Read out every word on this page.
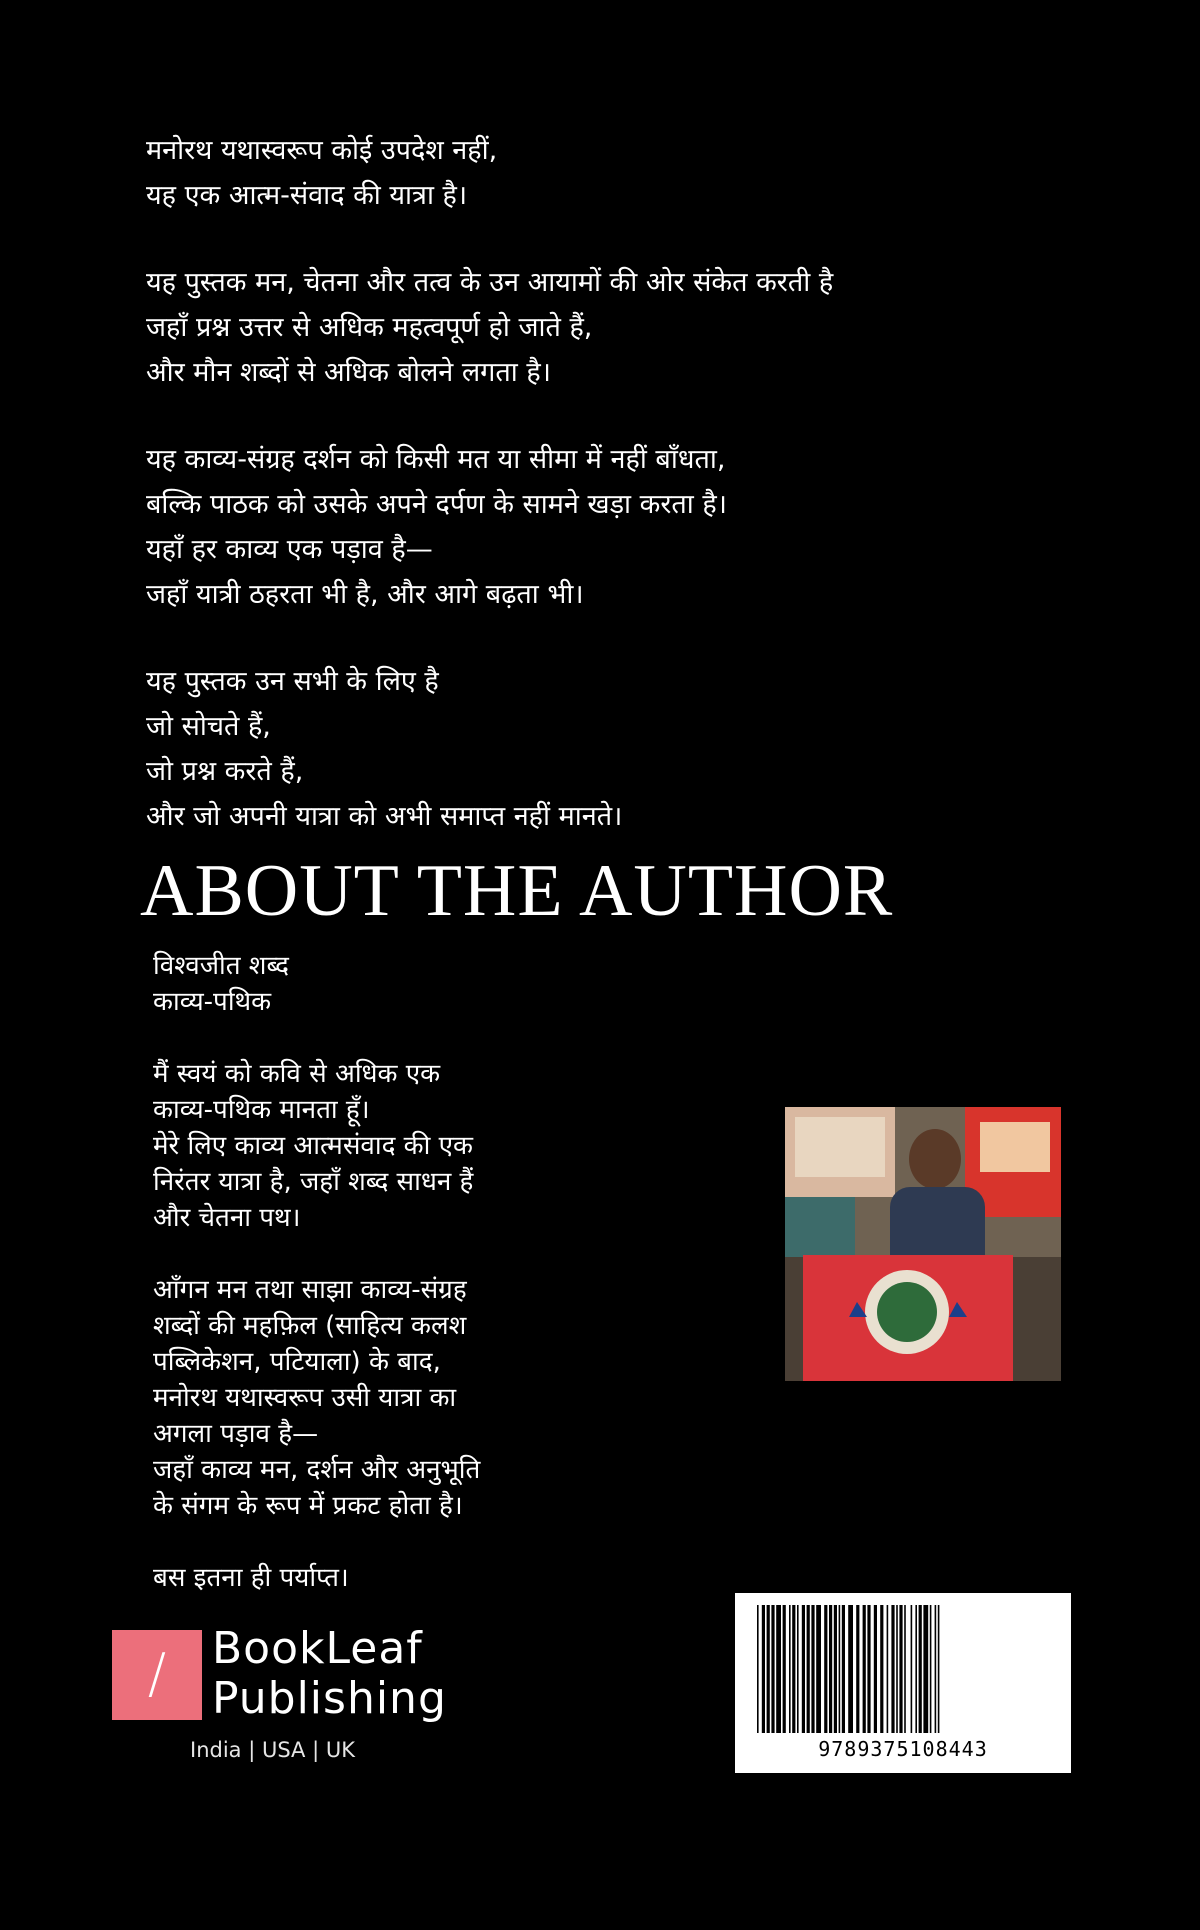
मनोरथ यथास्वरूप कोई उपदेश नहीं,
यह एक आत्म-संवाद की यात्रा है।

यह पुस्तक मन, चेतना और तत्व के उन आयामों की ओर संकेत करती है
जहाँ प्रश्न उत्तर से अधिक महत्वपूर्ण हो जाते हैं,
और मौन शब्दों से अधिक बोलने लगता है।

यह काव्य-संग्रह दर्शन को किसी मत या सीमा में नहीं बाँधता,
बल्कि पाठक को उसके अपने दर्पण के सामने खड़ा करता है।
यहाँ हर काव्य एक पड़ाव है—
जहाँ यात्री ठहरता भी है, और आगे बढ़ता भी।

यह पुस्तक उन सभी के लिए है
जो सोचते हैं,
जो प्रश्न करते हैं,
और जो अपनी यात्रा को अभी समाप्त नहीं मानते।

ABOUT THE AUTHOR

विश्वजीत शब्द
काव्य-पथिक

मैं स्वयं को कवि से अधिक एक
काव्य-पथिक मानता हूँ।
मेरे लिए काव्य आत्मसंवाद की एक
निरंतर यात्रा है, जहाँ शब्द साधन हैं
और चेतना पथ।

आँगन मन तथा साझा काव्य-संग्रह
शब्दों की महफ़िल (साहित्य कलश
पब्लिकेशन, पटियाला) के बाद,
मनोरथ यथास्वरूप उसी यात्रा का
अगला पड़ाव है—
जहाँ काव्य मन, दर्शन और अनुभूति
के संगम के रूप में प्रकट होता है।

बस इतना ही पर्याप्त।

/	BookLeaf
Publishing
India | USA | UK	9789375108443
